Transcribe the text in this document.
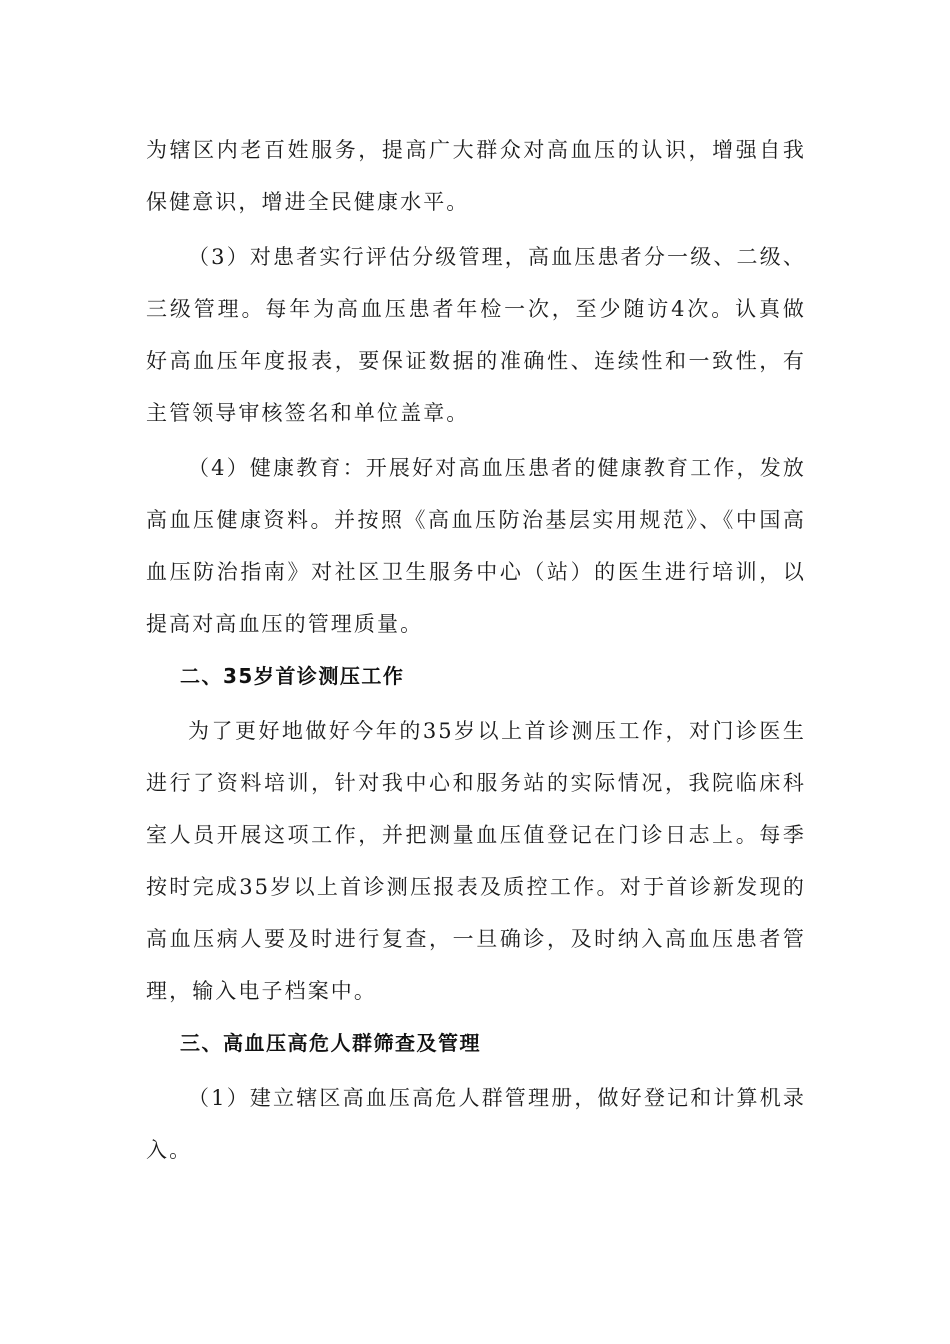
为辖区内老百姓服务，提高广大群众对高血压的认识，增强自我保健意识，增进全民健康水平。

（3）对患者实行评估分级管理，高血压患者分一级、二级、三级管理。每年为高血压患者年检一次，至少随访4次。认真做好高血压年度报表，要保证数据的准确性、连续性和一致性，有主管领导审核签名和单位盖章。

（4）健康教育：开展好对高血压患者的健康教育工作，发放高血压健康资料。并按照《高血压防治基层实用规范》、《中国高血压防治指南》对社区卫生服务中心（站）的医生进行培训，以提高对高血压的管理质量。

二、35岁首诊测压工作

为了更好地做好今年的35岁以上首诊测压工作，对门诊医生进行了资料培训，针对我中心和服务站的实际情况，我院临床科室人员开展这项工作，并把测量血压值登记在门诊日志上。每季按时完成35岁以上首诊测压报表及质控工作。对于首诊新发现的高血压病人要及时进行复查，一旦确诊，及时纳入高血压患者管理，输入电子档案中。

三、高血压高危人群筛查及管理

（1）建立辖区高血压高危人群管理册，做好登记和计算机录入。
